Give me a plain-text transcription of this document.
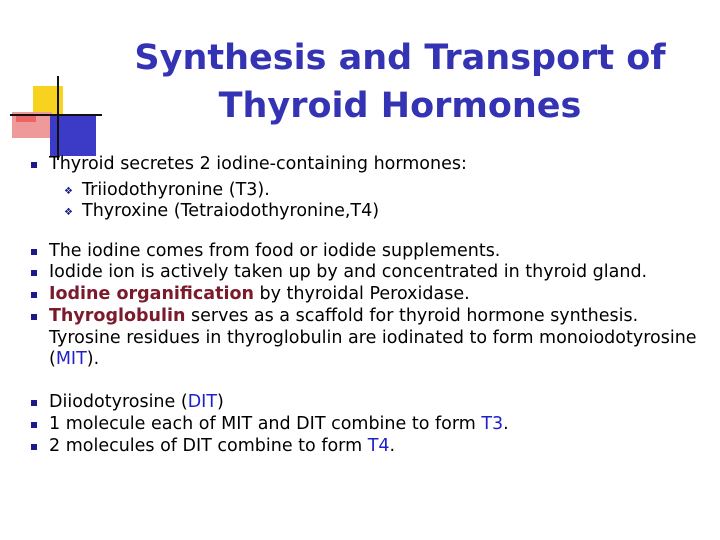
Synthesis and Transport of
Thyroid Hormones
❖
❖
Thyroid secretes 2 iodine-containing hormones:
Triiodothyronine (T3).
Thyroxine (Tetraiodothyronine,T4)
The iodine comes from food or iodide supplements.
Iodide ion is actively taken up by and concentrated in thyroid gland.
Iodine organification by thyroidal Peroxidase.
Thyroglobulin serves as a scaffold for thyroid hormone synthesis.
Tyrosine residues in thyroglobulin are iodinated to form monoiodotyrosine
(MIT).
Diiodotyrosine (DIT)
1 molecule each of MIT and DIT combine to form T3.
2 molecules of DIT combine to form T4.
